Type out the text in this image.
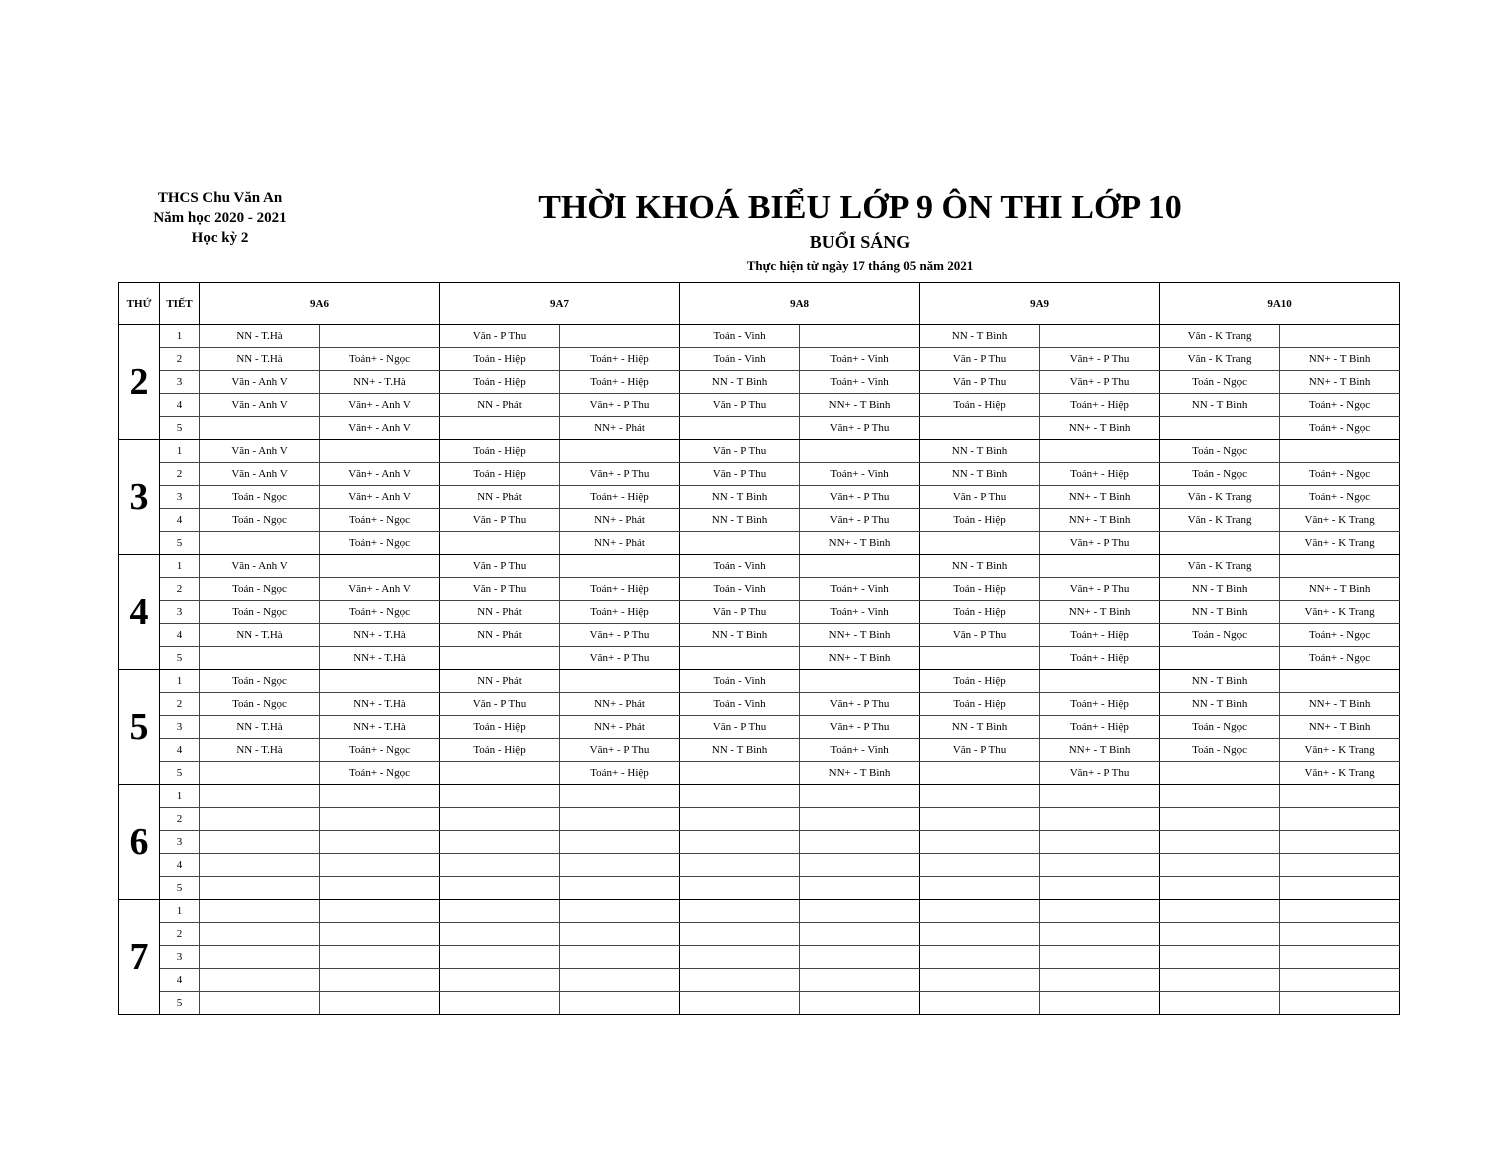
THCS Chu Văn An
Năm học 2020 - 2021
Học kỳ 2
THỜI KHOÁ BIỂU LỚP 9 ÔN THI LỚP 10
BUỔI SÁNG
Thực hiện từ ngày 17 tháng 05 năm 2021
THỨ	TIẾT	9A6		9A7		9A8		9A9		9A10	
2	1	NN - T.Hà		Văn - P Thu		Toán - Vinh		NN - T Bình		Văn - K Trang	
	2	NN - T.Hà	Toán+ - Ngọc	Toán - Hiệp	Toán+ - Hiệp	Toán - Vinh	Toán+ - Vinh	Văn - P Thu	Văn+ - P Thu	Văn - K Trang	NN+ - T Bình
	3	Văn - Anh V	NN+ - T.Hà	Toán - Hiệp	Toán+ - Hiệp	NN - T Bình	Toán+ - Vinh	Văn - P Thu	Văn+ - P Thu	Toán - Ngọc	NN+ - T Bình
	4	Văn - Anh V	Văn+ - Anh V	NN - Phát	Văn+ - P Thu	Văn - P Thu	NN+ - T Bình	Toán - Hiệp	Toán+ - Hiệp	NN - T Bình	Toán+ - Ngọc
	5		Văn+ - Anh V		NN+ - Phát		Văn+ - P Thu		NN+ - T Bình		Toán+ - Ngọc
3	1	Văn - Anh V		Toán - Hiệp		Văn - P Thu		NN - T Bình		Toán - Ngọc	
	2	Văn - Anh V	Văn+ - Anh V	Toán - Hiệp	Văn+ - P Thu	Văn - P Thu	Toán+ - Vinh	NN - T Bình	Toán+ - Hiệp	Toán - Ngọc	Toán+ - Ngọc
	3	Toán - Ngọc	Văn+ - Anh V	NN - Phát	Toán+ - Hiệp	NN - T Bình	Văn+ - P Thu	Văn - P Thu	NN+ - T Bình	Văn - K Trang	Toán+ - Ngọc
	4	Toán - Ngọc	Toán+ - Ngọc	Văn - P Thu	NN+ - Phát	NN - T Bình	Văn+ - P Thu	Toán - Hiệp	NN+ - T Bình	Văn - K Trang	Văn+ - K Trang
	5		Toán+ - Ngọc		NN+ - Phát		NN+ - T Bình		Văn+ - P Thu		Văn+ - K Trang
4	1	Văn - Anh V		Văn - P Thu		Toán - Vinh		NN - T Bình		Văn - K Trang	
	2	Toán - Ngọc	Văn+ - Anh V	Văn - P Thu	Toán+ - Hiệp	Toán - Vinh	Toán+ - Vinh	Toán - Hiệp	Văn+ - P Thu	NN - T Bình	NN+ - T Bình
	3	Toán - Ngọc	Toán+ - Ngọc	NN - Phát	Toán+ - Hiệp	Văn - P Thu	Toán+ - Vinh	Toán - Hiệp	NN+ - T Bình	NN - T Bình	Văn+ - K Trang
	4	NN - T.Hà	NN+ - T.Hà	NN - Phát	Văn+ - P Thu	NN - T Bình	NN+ - T Bình	Văn - P Thu	Toán+ - Hiệp	Toán - Ngọc	Toán+ - Ngọc
	5		NN+ - T.Hà		Văn+ - P Thu		NN+ - T Bình		Toán+ - Hiệp		Toán+ - Ngọc
5	1	Toán - Ngọc		NN - Phát		Toán - Vinh		Toán - Hiệp		NN - T Bình	
	2	Toán - Ngọc	NN+ - T.Hà	Văn - P Thu	NN+ - Phát	Toán - Vinh	Văn+ - P Thu	Toán - Hiệp	Toán+ - Hiệp	NN - T Bình	NN+ - T Bình
	3	NN - T.Hà	NN+ - T.Hà	Toán - Hiệp	NN+ - Phát	Văn - P Thu	Văn+ - P Thu	NN - T Bình	Toán+ - Hiệp	Toán - Ngọc	NN+ - T Bình
	4	NN - T.Hà	Toán+ - Ngọc	Toán - Hiệp	Văn+ - P Thu	NN - T Bình	Toán+ - Vinh	Văn - P Thu	NN+ - T Bình	Toán - Ngọc	Văn+ - K Trang
	5		Toán+ - Ngọc		Toán+ - Hiệp		NN+ - T Bình		Văn+ - P Thu		Văn+ - K Trang
6	1										
	2										
	3										
	4										
	5										
7	1										
	2										
	3										
	4										
	5										
